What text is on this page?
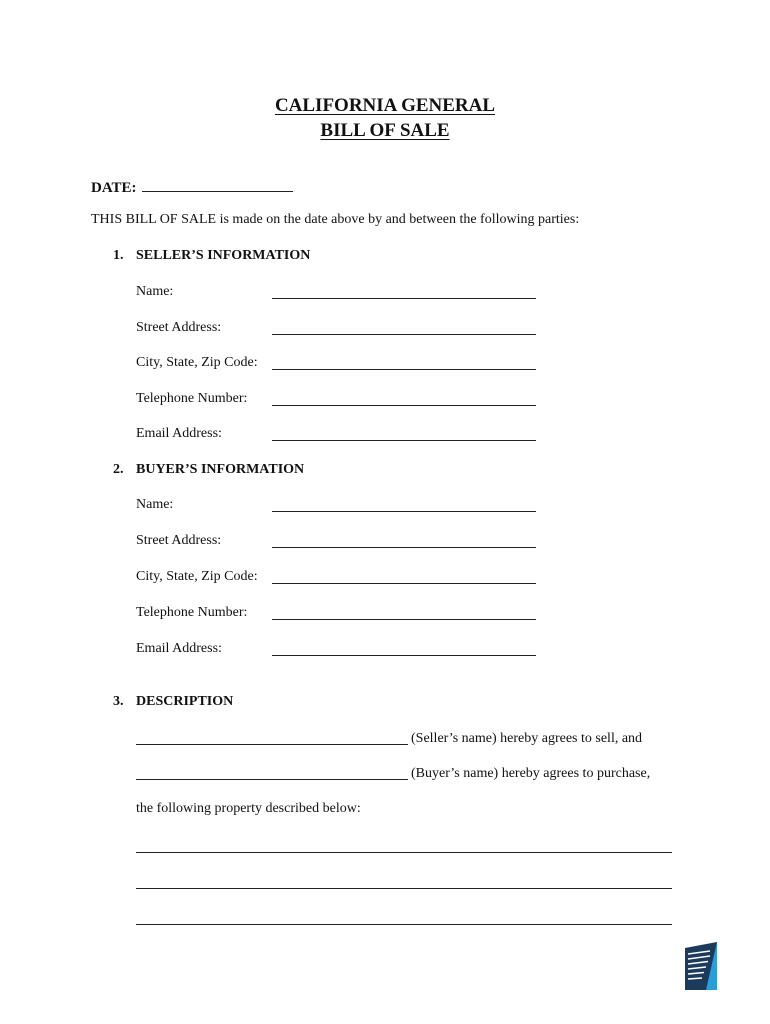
CALIFORNIA GENERAL
BILL OF SALE
DATE:
THIS BILL OF SALE is made on the date above by and between the following parties:
1. SELLER’S INFORMATION
Name:
Street Address:
City, State, Zip Code:
Telephone Number:
Email Address:
2. BUYER’S INFORMATION
Name:
Street Address:
City, State, Zip Code:
Telephone Number:
Email Address:
3. DESCRIPTION
(Seller’s name) hereby agrees to sell, and
(Buyer’s name) hereby agrees to purchase,
the following property described below:
